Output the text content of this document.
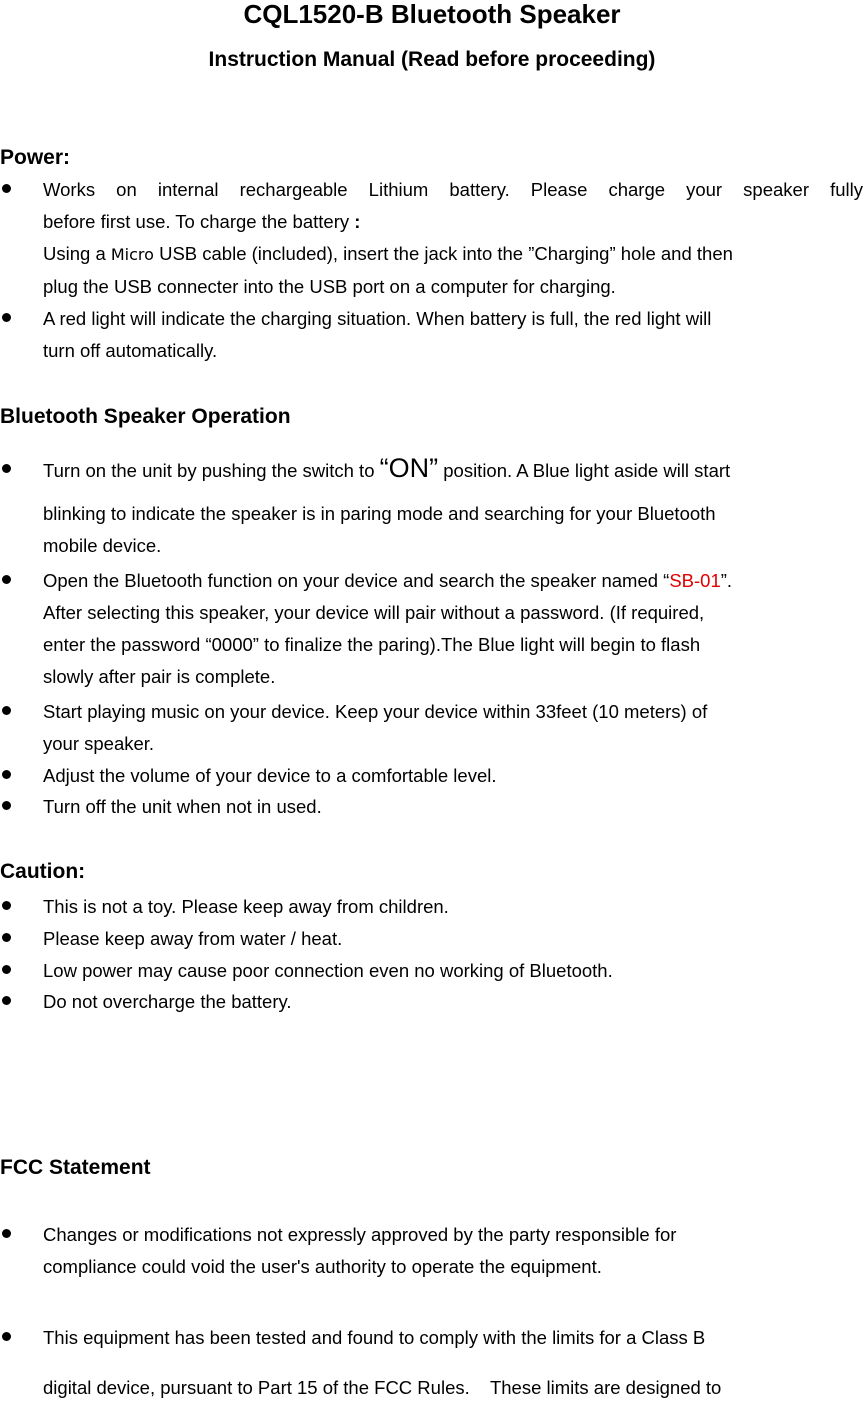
CQL1520-B Bluetooth Speaker
Instruction Manual (Read before proceeding)
Power:
Works on internal rechargeable Lithium battery. Please charge your speaker fully
before first use. To charge the battery :
Using a Micro USB cable (included), insert the jack into the ”Charging” hole and then
plug the USB connecter into the USB port on a computer for charging.
A red light will indicate the charging situation. When battery is full, the red light will
turn off automatically.
Bluetooth Speaker Operation
Turn on the unit by pushing the switch to “ON” position. A Blue light aside will start
blinking to indicate the speaker is in paring mode and searching for your Bluetooth
mobile device.
Open the Bluetooth function on your device and search the speaker named “SB-01”.
After selecting this speaker, your device will pair without a password. (If required,
enter the password “0000” to finalize the paring).The Blue light will begin to flash
slowly after pair is complete.
Start playing music on your device. Keep your device within 33feet (10 meters) of
your speaker.
Adjust the volume of your device to a comfortable level.
Turn off the unit when not in used.
Caution:
This is not a toy. Please keep away from children.
Please keep away from water / heat.
Low power may cause poor connection even no working of Bluetooth.
Do not overcharge the battery.
FCC Statement
Changes or modifications not expressly approved by the party responsible for
compliance could void the user's authority to operate the equipment.
This equipment has been tested and found to comply with the limits for a Class B
digital device, pursuant to Part 15 of the FCC Rules.    These limits are designed to
